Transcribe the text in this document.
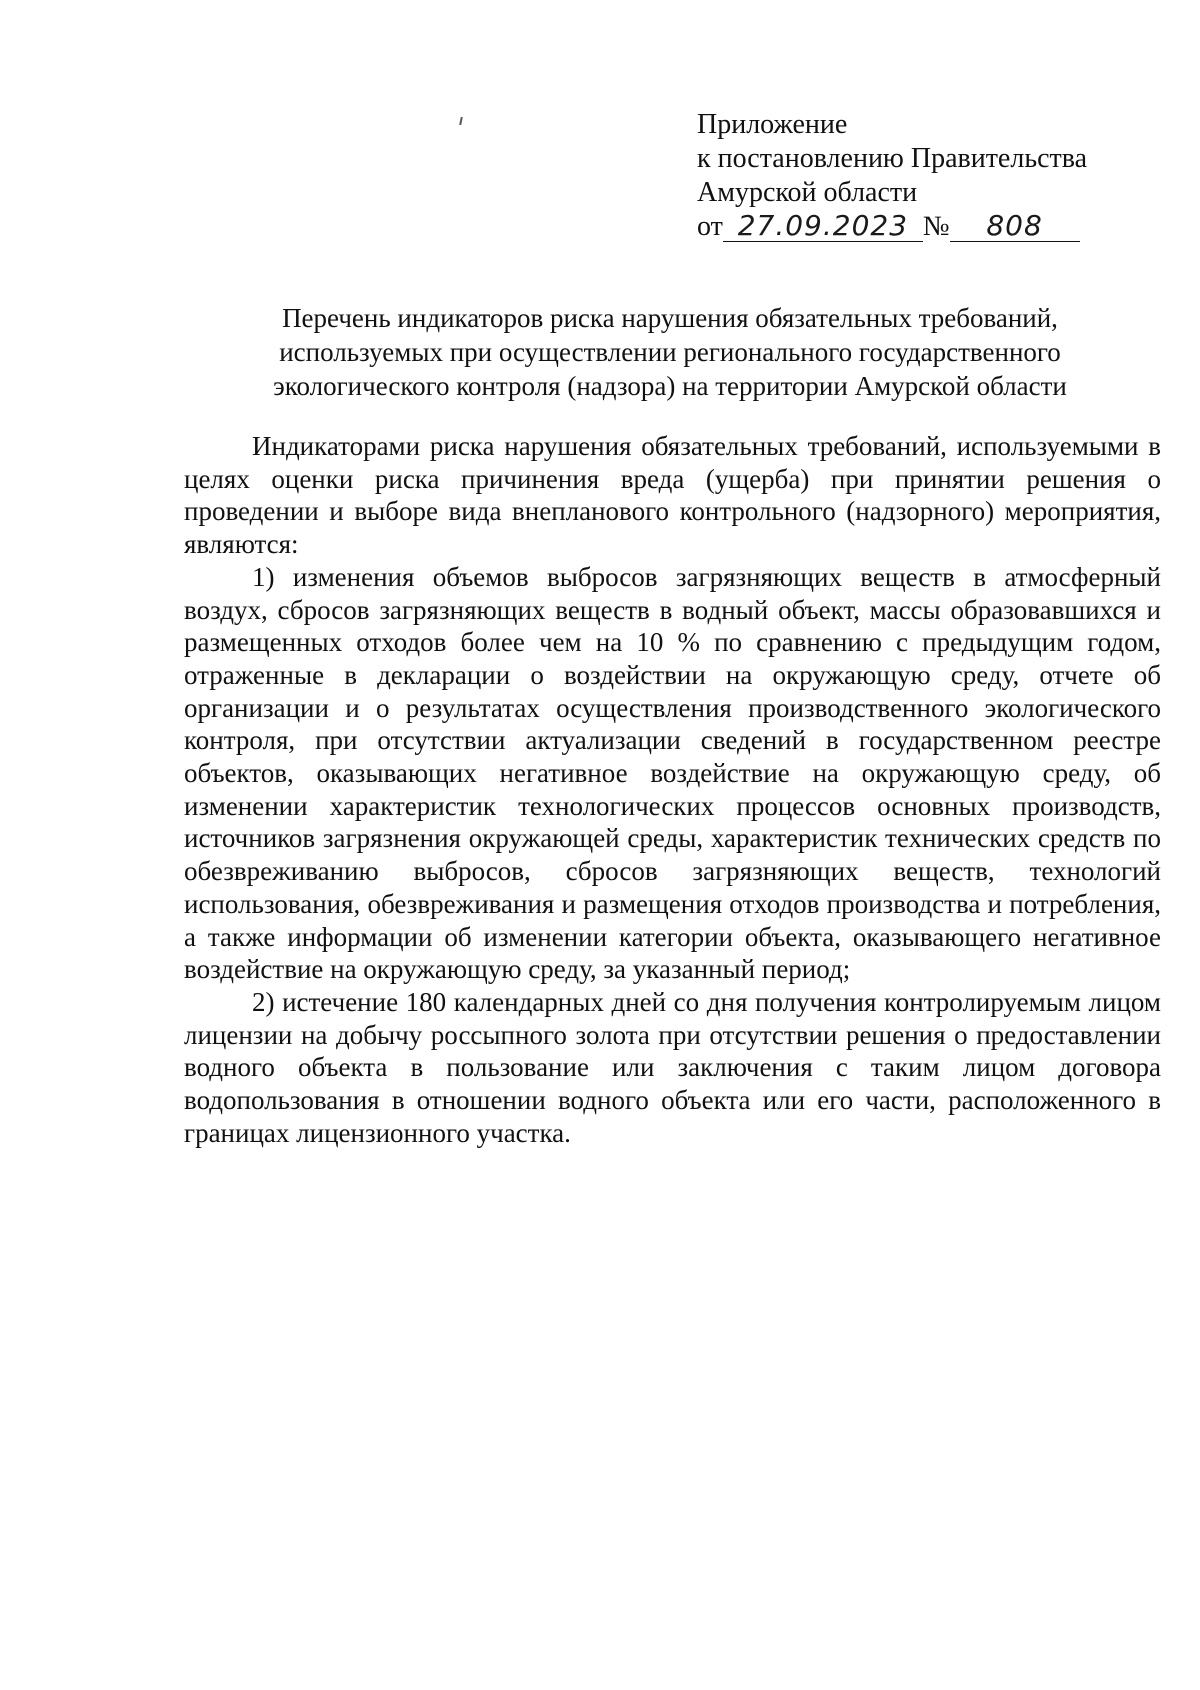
Приложение
к постановлению Правительства
Амурской области
от 27.09.2023 № 808
Перечень индикаторов риска нарушения обязательных требований,
используемых при осуществлении регионального государственного
экологического контроля (надзора) на территории Амурской области

Индикаторами риска нарушения обязательных требований, используемыми в целях оценки риска причинения вреда (ущерба) при принятии решения о проведении и выборе вида внепланового контрольного (надзорного) мероприятия, являются:

1) изменения объемов выбросов загрязняющих веществ в атмосферный воздух, сбросов загрязняющих веществ в водный объект, массы образовавшихся и размещенных отходов более чем на 10 % по сравнению с предыдущим годом, отраженные в декларации о воздействии на окружающую среду, отчете об организации и о результатах осуществления производственного экологического контроля, при отсутствии актуализации сведений в государственном реестре объектов, оказывающих негативное воздействие на окружающую среду, об изменении характеристик технологических процессов основных производств, источников загрязнения окружающей среды, характеристик технических средств по обезвреживанию выбросов, сбросов загрязняющих веществ, технологий использования, обезвреживания и размещения отходов производства и потребления, а также информации об изменении категории объекта, оказывающего негативное воздействие на окружающую среду, за указанный период;

2) истечение 180 календарных дней со дня получения контролируемым лицом лицензии на добычу россыпного золота при отсутствии решения о предоставлении водного объекта в пользование или заключения с таким лицом договора водопользования в отношении водного объекта или его части, расположенного в границах лицензионного участка.
